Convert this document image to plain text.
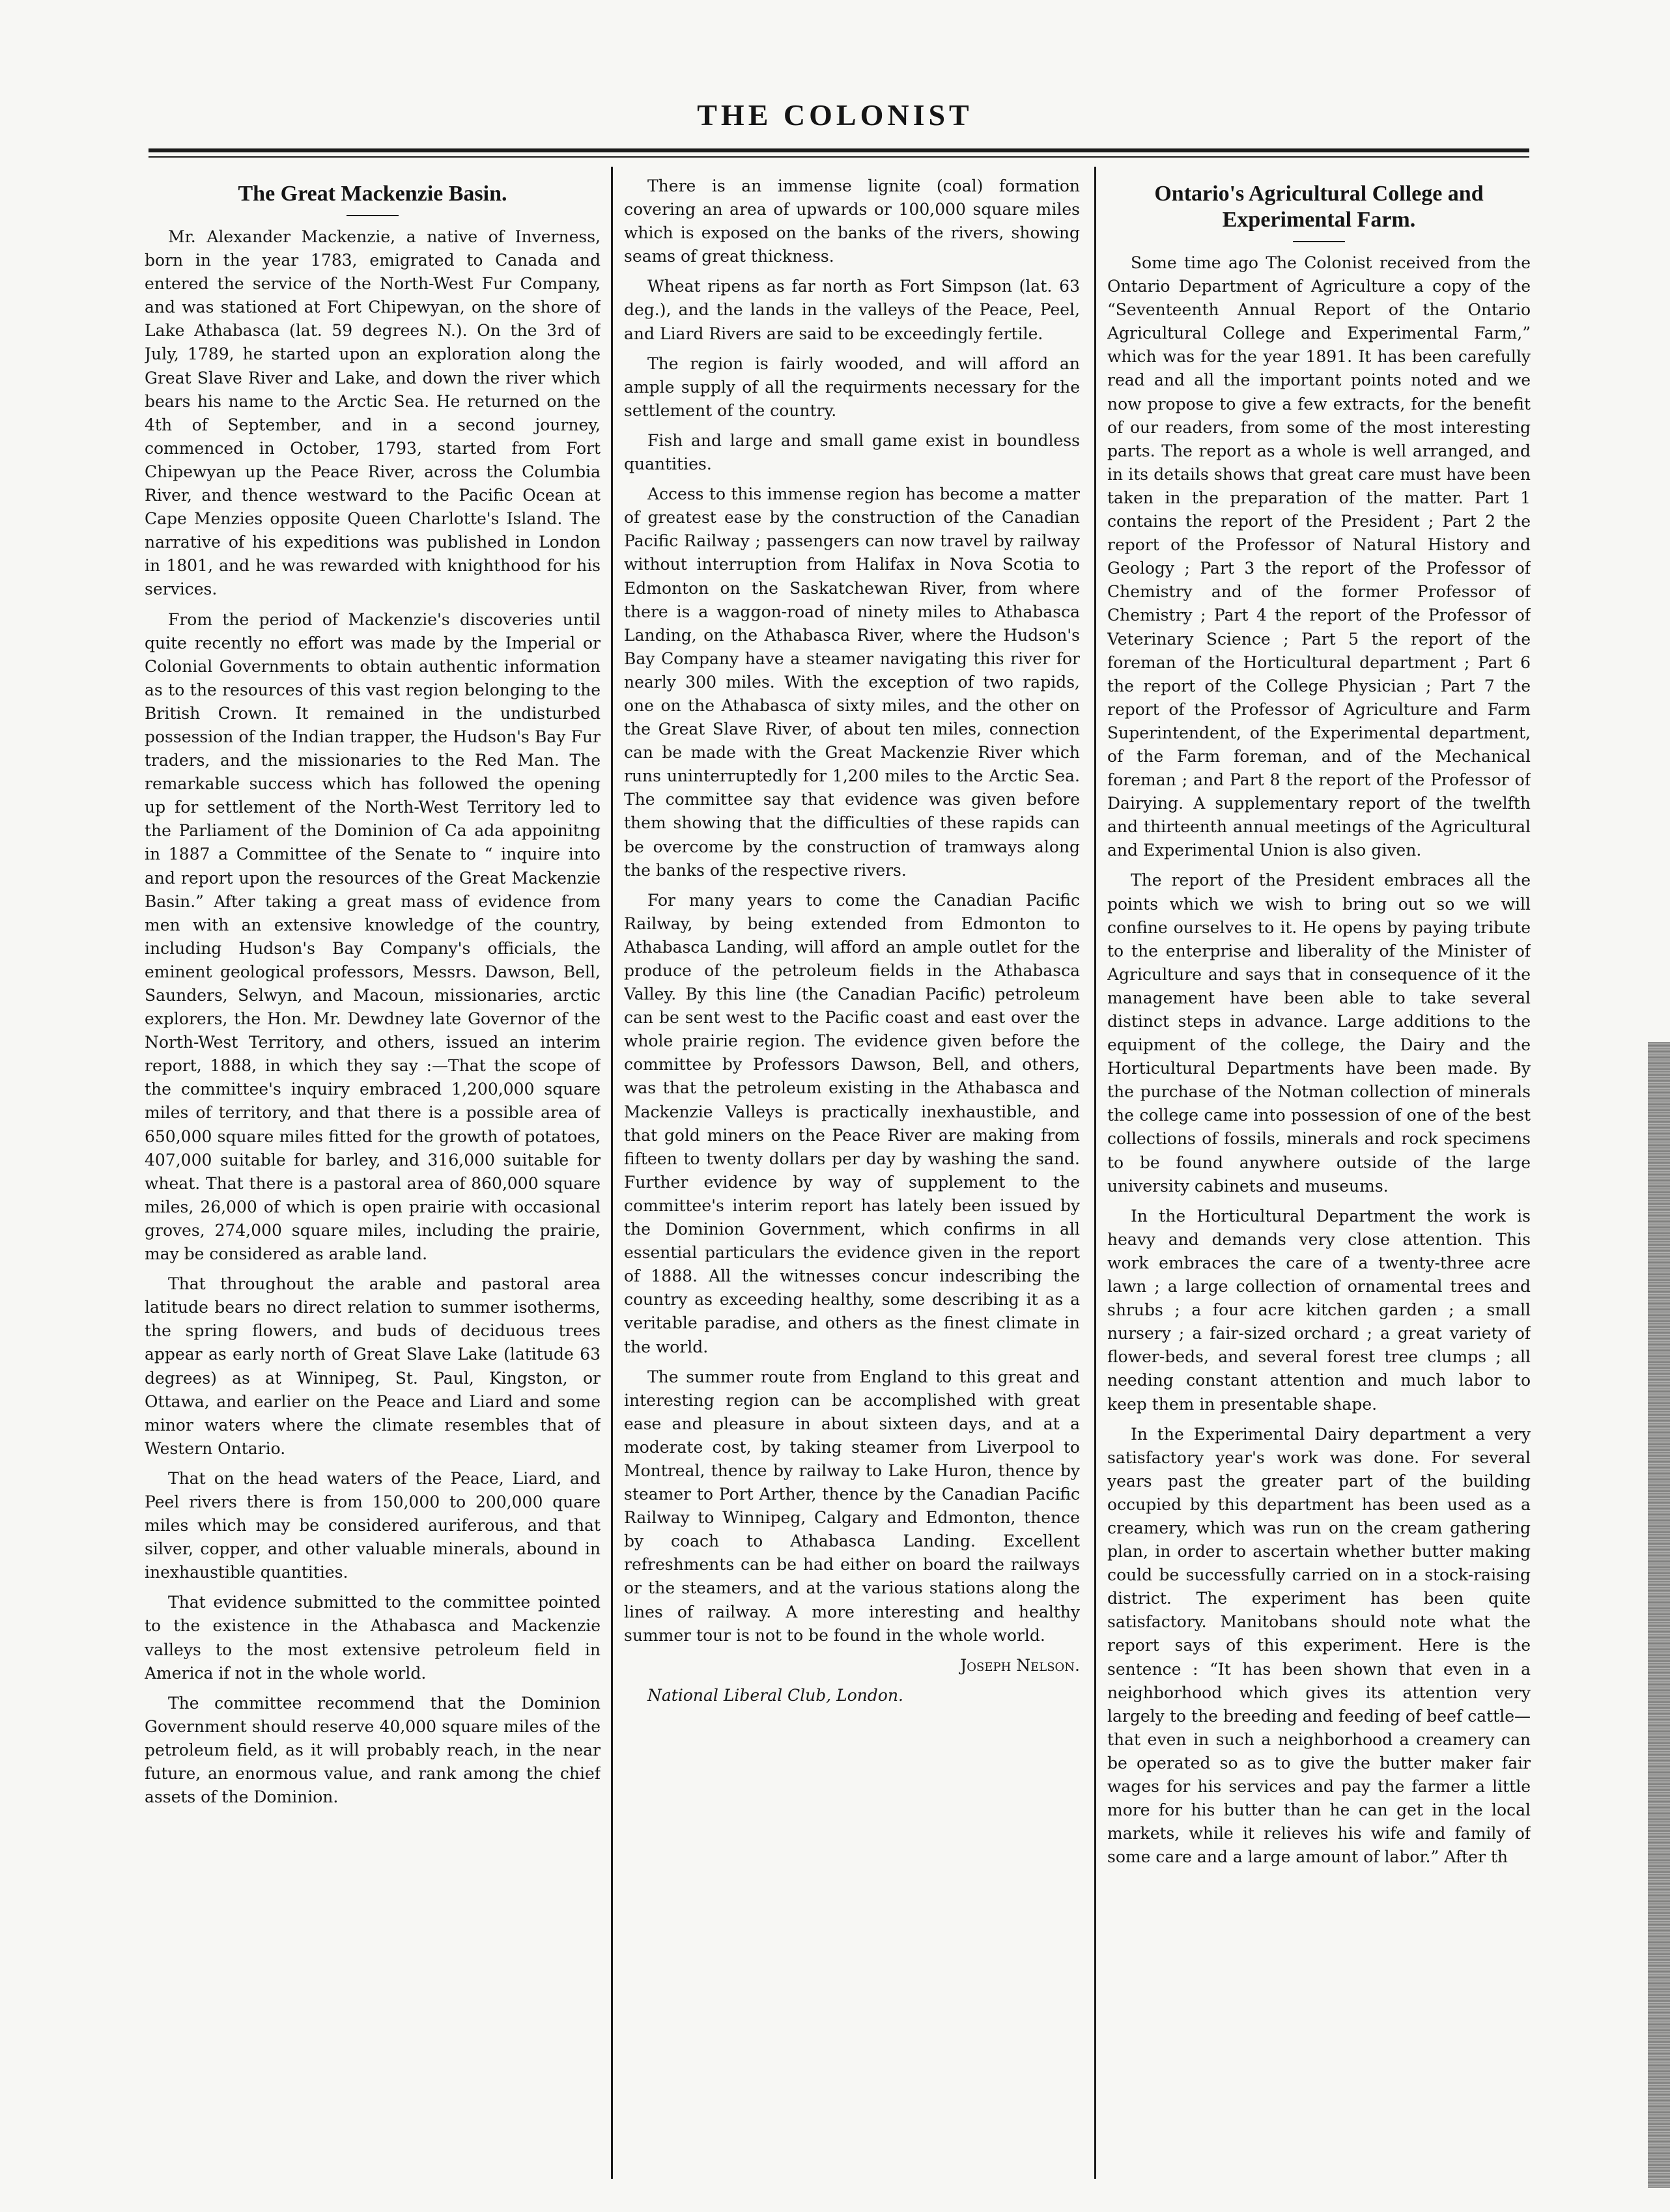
THE COLONIST
The Great Mackenzie Basin.

Mr. Alexander Mackenzie, a native of Inverness, born in the year 1783, emigrated to Canada and entered the service of the North-West Fur Company, and was stationed at Fort Chipewyan, on the shore of Lake Athabasca (lat. 59 degrees N.). On the 3rd of July, 1789, he started upon an exploration along the Great Slave River and Lake, and down the river which bears his name to the Arctic Sea. He returned on the 4th of September, and in a second journey, commenced in October, 1793, started from Fort Chipewyan up the Peace River, across the Columbia River, and thence westward to the Pacific Ocean at Cape Menzies opposite Queen Charlotte's Island. The narrative of his expeditions was published in London in 1801, and he was rewarded with knighthood for his services.

From the period of Mackenzie's discoveries until quite recently no effort was made by the Imperial or Colonial Governments to obtain authentic information as to the resources of this vast region belonging to the British Crown. It remained in the undisturbed possession of the Indian trapper, the Hudson's Bay Fur traders, and the missionaries to the Red Man. The remarkable success which has followed the opening up for settlement of the North-West Territory led to the Parliament of the Dominion of Ca ada appoinitng in 1887 a Committee of the Senate to “ inquire into and report upon the resources of the Great Mackenzie Basin.” After taking a great mass of evidence from men with an extensive knowledge of the country, including Hudson's Bay Company's officials, the eminent geological professors, Messrs. Dawson, Bell, Saunders, Selwyn, and Macoun, missionaries, arctic explorers, the Hon. Mr. Dewdney late Governor of the North-West Territory, and others, issued an interim report, 1888, in which they say :—That the scope of the committee's inquiry embraced 1,200,000 square miles of territory, and that there is a possible area of 650,000 square miles fitted for the growth of potatoes, 407,000 suitable for barley, and 316,000 suitable for wheat. That there is a pastoral area of 860,000 square miles, 26,000 of which is open prairie with occasional groves, 274,000 square miles, including the prairie, may be considered as arable land.

That throughout the arable and pastoral area latitude bears no direct relation to summer isotherms, the spring flowers, and buds of deciduous trees appear as early north of Great Slave Lake (latitude 63 degrees) as at Winnipeg, St. Paul, Kingston, or Ottawa, and earlier on the Peace and Liard and some minor waters where the climate resembles that of Western Ontario.

That on the head waters of the Peace, Liard, and Peel rivers there is from 150,000 to 200,000 quare miles which may be considered auriferous, and that silver, copper, and other valuable minerals, abound in inexhaustible quantities.

That evidence submitted to the committee pointed to the existence in the Athabasca and Mackenzie valleys to the most extensive petroleum field in America if not in the whole world.

The committee recommend that the Dominion Government should reserve 40,000 square miles of the petroleum field, as it will probably reach, in the near future, an enormous value, and rank among the chief assets of the Dominion.

There is an immense lignite (coal) formation covering an area of upwards or 100,000 square miles which is exposed on the banks of the rivers, showing seams of great thickness.

Wheat ripens as far north as Fort Simpson (lat. 63 deg.), and the lands in the valleys of the Peace, Peel, and Liard Rivers are said to be exceedingly fertile.

The region is fairly wooded, and will afford an ample supply of all the requirments necessary for the settlement of the country.

Fish and large and small game exist in boundless quantities.

Access to this immense region has become a matter of greatest ease by the construction of the Canadian Pacific Railway ; passengers can now travel by railway without interruption from Halifax in Nova Scotia to Edmonton on the Saskatchewan River, from where there is a waggon-road of ninety miles to Athabasca Landing, on the Athabasca River, where the Hudson's Bay Company have a steamer navigating this river for nearly 300 miles. With the exception of two rapids, one on the Athabasca of sixty miles, and the other on the Great Slave River, of about ten miles, connection can be made with the Great Mackenzie River which runs uninterruptedly for 1,200 miles to the Arctic Sea. The committee say that evidence was given before them showing that the difficulties of these rapids can be overcome by the construction of tramways along the banks of the respective rivers.

For many years to come the Canadian Pacific Railway, by being extended from Edmonton to Athabasca Landing, will afford an ample outlet for the produce of the petroleum fields in the Athabasca Valley. By this line (the Canadian Pacific) petroleum can be sent west to the Pacific coast and east over the whole prairie region. The evidence given before the committee by Professors Dawson, Bell, and others, was that the petroleum existing in the Athabasca and Mackenzie Valleys is practically inexhaustible, and that gold miners on the Peace River are making from fifteen to twenty dollars per day by washing the sand. Further evidence by way of supplement to the committee's interim report has lately been issued by the Dominion Government, which confirms in all essential particulars the evidence given in the report of 1888. All the witnesses concur indescribing the country as exceeding healthy, some describing it as a veritable paradise, and others as the finest climate in the world.

The summer route from England to this great and interesting region can be accomplished with great ease and pleasure in about sixteen days, and at a moderate cost, by taking steamer from Liverpool to Montreal, thence by railway to Lake Huron, thence by steamer to Port Arther, thence by the Canadian Pacific Railway to Winnipeg, Calgary and Edmonton, thence by coach to Athabasca Landing. Excellent refreshments can be had either on board the railways or the steamers, and at the various stations along the lines of railway. A more interesting and healthy summer tour is not to be found in the whole world.

Joseph Nelson.

National Liberal Club, London.

Ontario's Agricultural College and Experimental Farm.

Some time ago The Colonist received from the Ontario Department of Agriculture a copy of the “Seventeenth Annual Report of the Ontario Agricultural College and Experimental Farm,” which was for the year 1891. It has been carefully read and all the important points noted and we now propose to give a few extracts, for the benefit of our readers, from some of the most interesting parts. The report as a whole is well arranged, and in its details shows that great care must have been taken in the preparation of the matter. Part 1 contains the report of the President ; Part 2 the report of the Professor of Natural History and Geology ; Part 3 the report of the Professor of Chemistry and of the former Professor of Chemistry ; Part 4 the report of the Professor of Veterinary Science ; Part 5 the report of the foreman of the Horticultural department ; Part 6 the report of the College Physician ; Part 7 the report of the Professor of Agriculture and Farm Superintendent, of the Experimental department, of the Farm foreman, and of the Mechanical foreman ; and Part 8 the report of the Professor of Dairying. A supplementary report of the twelfth and thirteenth annual meetings of the Agricultural and Experimental Union is also given.

The report of the President embraces all the points which we wish to bring out so we will confine ourselves to it. He opens by paying tribute to the enterprise and liberality of the Minister of Agriculture and says that in consequence of it the management have been able to take several distinct steps in advance. Large additions to the equipment of the college, the Dairy and the Horticultural Departments have been made. By the purchase of the Notman collection of minerals the college came into possession of one of the best collections of fossils, minerals and rock specimens to be found anywhere outside of the large university cabinets and museums.

In the Horticultural Department the work is heavy and demands very close attention. This work embraces the care of a twenty-three acre lawn ; a large collection of ornamental trees and shrubs ; a four acre kitchen garden ; a small nursery ; a fair-sized orchard ; a great variety of flower-beds, and several forest tree clumps ; all needing constant attention and much labor to keep them in presentable shape.

In the Experimental Dairy department a very satisfactory year's work was done. For several years past the greater part of the building occupied by this department has been used as a creamery, which was run on the cream gathering plan, in order to ascertain whether butter making could be successfully carried on in a stock-raising district. The experiment has been quite satisfactory. Manitobans should note what the report says of this experiment. Here is the sentence : “It has been shown that even in a neighborhood which gives its attention very largely to the breeding and feeding of beef cattle—that even in such a neighborhood a creamery can be operated so as to give the butter maker fair wages for his services and pay the farmer a little more for his butter than he can get in the local markets, while it relieves his wife and family of some care and a large amount of labor.” After th
